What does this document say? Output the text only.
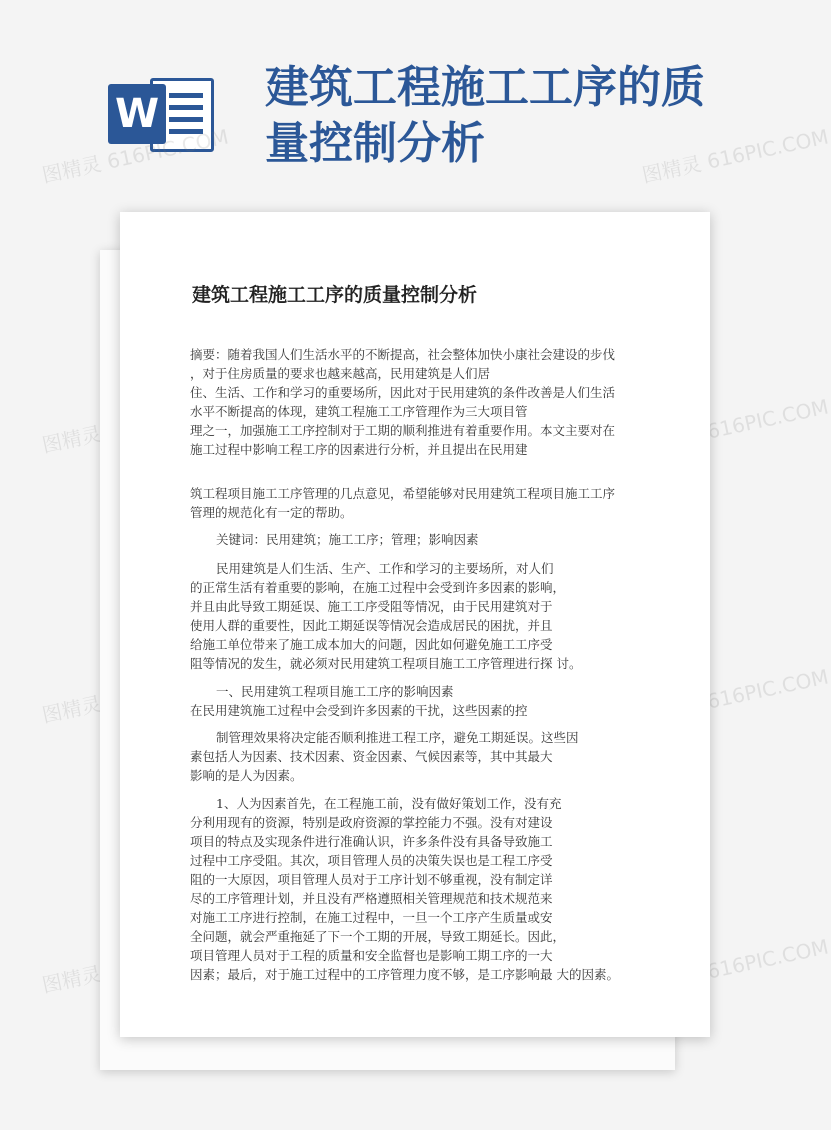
W
建筑工程施工工序的质量控制分析
图精灵 616PIC.COM	图精灵 616PIC.COM
图精灵	图精灵 616PIC.COM
图精灵	图精灵 616PIC.COM
图精灵	图精灵 616PIC.COM
建筑工程施工工序的质量控制分析

摘要：随着我国人们生活水平的不断提高，社会整体加快小康社会建设的步伐

，对于住房质量的要求也越来越高，民用建筑是人们居

住、生活、工作和学习的重要场所，因此对于民用建筑的条件改善是人们生活

水平不断提高的体现，建筑工程施工工序管理作为三大项目管

理之一，加强施工工序控制对于工期的顺利推进有着重要作用。本文主要对在

施工过程中影响工程工序的因素进行分析，并且提出在民用建

筑工程项目施工工序管理的几点意见，希望能够对民用建筑工程项目施工工序

管理的规范化有一定的帮助。

关键词：民用建筑；施工工序；管理；影响因素

民用建筑是人们生活、生产、工作和学习的主要场所，对人们

的正常生活有着重要的影响，在施工过程中会受到许多因素的影响，

并且由此导致工期延误、施工工序受阻等情况，由于民用建筑对于

使用人群的重要性，因此工期延误等情况会造成居民的困扰，并且

给施工单位带来了施工成本加大的问题，因此如何避免施工工序受

阻等情况的发生，就必须对民用建筑工程项目施工工序管理进行探 讨。

一、民用建筑工程项目施工工序的影响因素

在民用建筑施工过程中会受到许多因素的干扰，这些因素的控

制管理效果将决定能否顺利推进工程工序，避免工期延误。这些因

素包括人为因素、技术因素、资金因素、气候因素等，其中其最大

影响的是人为因素。

1、人为因素首先，在工程施工前，没有做好策划工作，没有充

分利用现有的资源，特别是政府资源的掌控能力不强。没有对建设

项目的特点及实现条件进行准确认识，许多条件没有具备导致施工

过程中工序受阻。其次，项目管理人员的决策失误也是工程工序受

阻的一大原因，项目管理人员对于工序计划不够重视，没有制定详

尽的工序管理计划，并且没有严格遵照相关管理规范和技术规范来

对施工工序进行控制，在施工过程中，一旦一个工序产生质量或安

全问题，就会严重拖延了下一个工期的开展，导致工期延长。因此，

项目管理人员对于工程的质量和安全监督也是影响工期工序的一大

因素；最后，对于施工过程中的工序管理力度不够，是工序影响最 大的因素。
